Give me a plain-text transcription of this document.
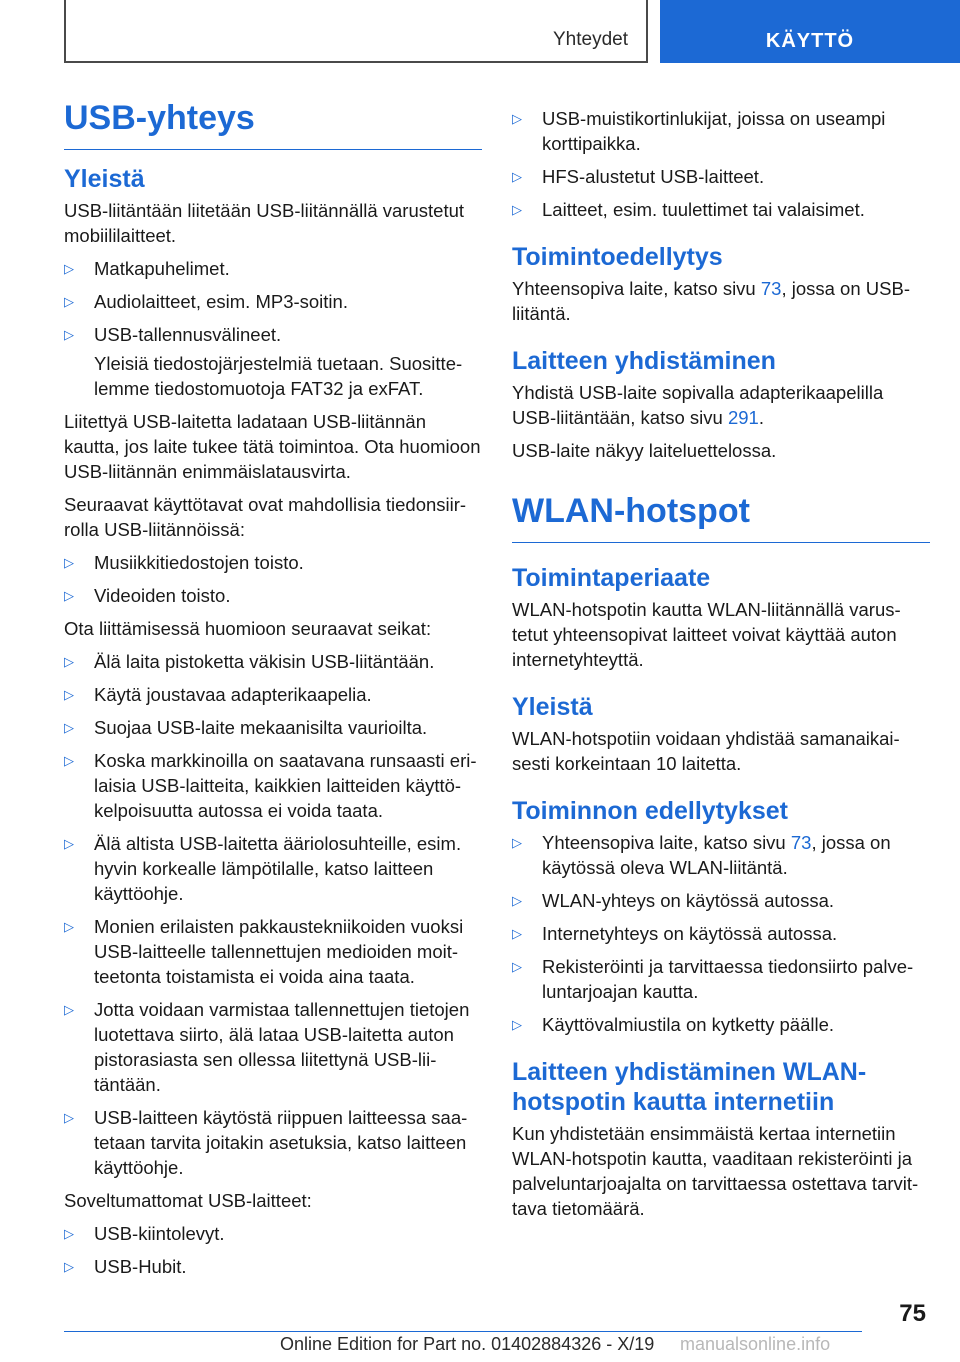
Yhteydet	KÄYTTÖ
USB-yhteys
Yleistä

USB-liitäntään liitetään USB-liitännällä varustetut mobiililaitteet.

▷ Matkapuhelimet.
▷ Audiolaitteet, esim. MP3-soitin.
▷ USB-tallennusvälineet.

Yleisiä tiedostojärjestelmiä tuetaan. Suosittelemme tiedostomuotoja FAT32 ja exFAT.

Liitettyä USB-laitetta ladataan USB-liitännän kautta, jos laite tukee tätä toimintoa. Ota huomioon USB-liitännän enimmäislatausvirta.

Seuraavat käyttötavat ovat mahdollisia tiedonsiirrolla USB-liitännöissä:

▷ Musiikkitiedostojen toisto.
▷ Videoiden toisto.

Ota liittämisessä huomioon seuraavat seikat:

▷ Älä laita pistoketta väkisin USB-liitäntään.
▷ Käytä joustavaa adapterikaapelia.
▷ Suojaa USB-laite mekaanisilta vaurioilta.
▷ Koska markkinoilla on saatavana runsaasti erilaisia USB-laitteita, kaikkien laitteiden käyttökelpoisuutta autossa ei voida taata.
▷ Älä altista USB-laitetta ääriolosuhteille, esim. hyvin korkealle lämpötilalle, katso laitteen käyttöohje.
▷ Monien erilaisten pakkaustekniikoiden vuoksi USB-laitteelle tallennettujen medioiden moitteetonta toistamista ei voida aina taata.
▷ Jotta voidaan varmistaa tallennettujen tietojen luotettava siirto, älä lataa USB-laitetta auton pistorasiasta sen ollessa liitettynä USB-liitäntään.
▷ USB-laitteen käytöstä riippuen laitteessa saatetaan tarvita joitakin asetuksia, katso laitteen käyttöohje.

Soveltumattomat USB-laitteet:

▷ USB-kiintolevyt.
▷ USB-Hubit.
▷ USB-muistikortinlukijat, joissa on useampi korttipaikka.
▷ HFS-alustetut USB-laitteet.
▷ Laitteet, esim. tuulettimet tai valaisimet.
Toimintoedellytys

Yhteensopiva laite, katso sivu 73, jossa on USB-liitäntä.

Laitteen yhdistäminen

Yhdistä USB-laite sopivalla adapterikaapelilla USB-liitäntään, katso sivu 291.

USB-laite näkyy laiteluettelossa.

WLAN-hotspot
Toimintaperiaate

WLAN-hotspotin kautta WLAN-liitännällä varustetut yhteensopivat laitteet voivat käyttää auton internetyhteyttä.

Yleistä

WLAN-hotspotiin voidaan yhdistää samanaikaisesti korkeintaan 10 laitetta.

Toiminnon edellytykset
▷ Yhteensopiva laite, katso sivu 73, jossa on käytössä oleva WLAN-liitäntä.
▷ WLAN-yhteys on käytössä autossa.
▷ Internetyhteys on käytössä autossa.
▷ Rekisteröinti ja tarvittaessa tiedonsiirto palveluntarjoajan kautta.
▷ Käyttövalmiustila on kytketty päälle.
Laitteen yhdistäminen WLAN-hotspotin kautta internetiin

Kun yhdistetään ensimmäistä kertaa internetiin WLAN-hotspotin kautta, vaaditaan rekisteröinti ja palveluntarjoajalta on tarvittaessa ostettava tarvittava tietomäärä.

75
Online Edition for Part no. 01402884326 - X/19 manualsonline.info
